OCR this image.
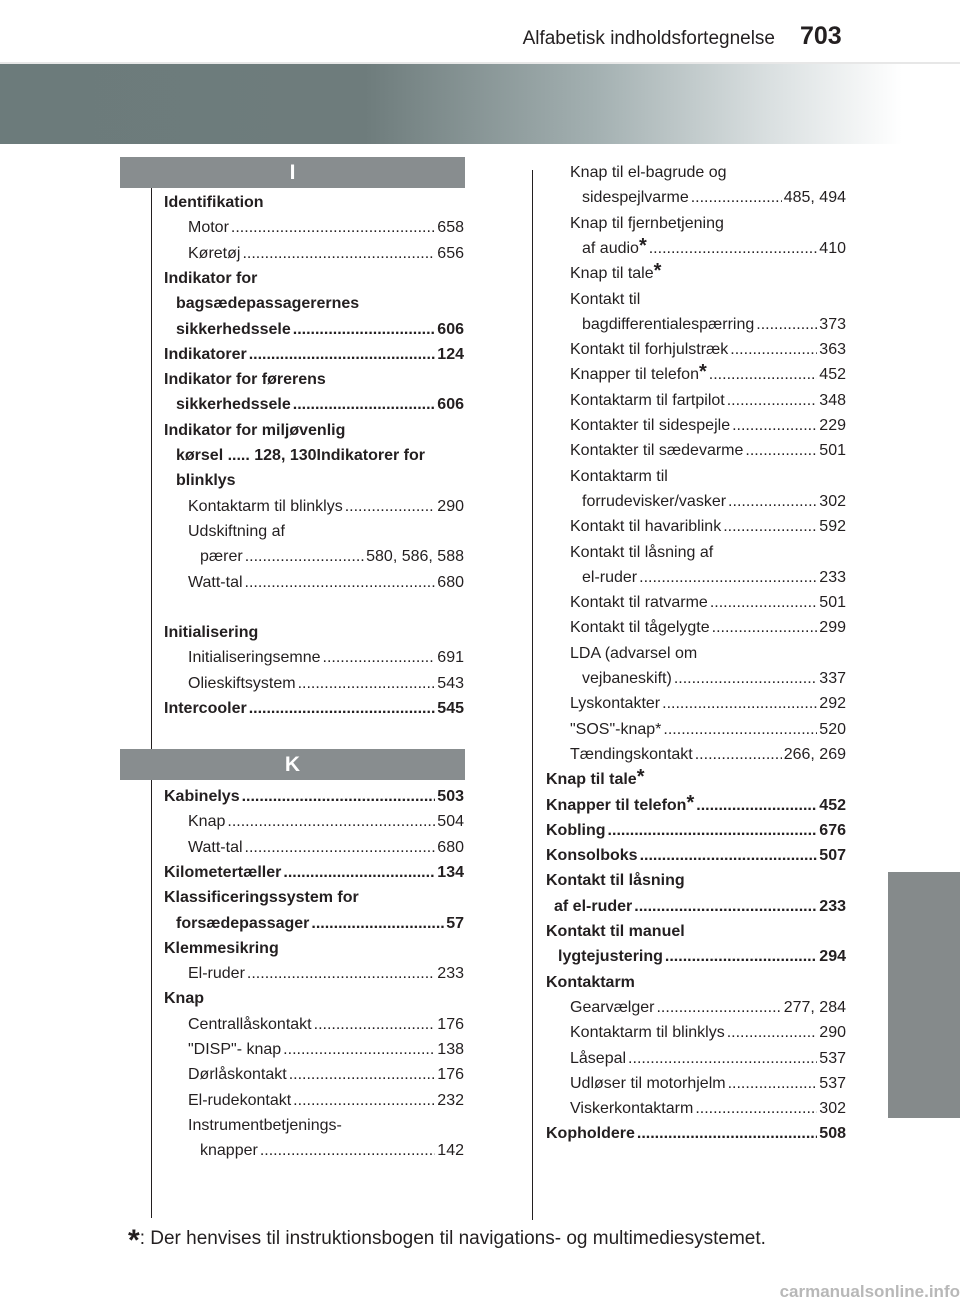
Alfabetisk indholdsfortegnelse 703
I
K
Identifikation
Motor .....	658
Køretøj .....	656
Indikator for
bagsædepassagerernes
sikkerhedssele .....	606
Indikatorer .....	124
Indikator for førerens
sikkerhedssele .....	606
Indikator for miljøvenlig
kørsel ..... 128, 130Indikatorer for
blinklys
Kontaktarm til blinklys .....	290
Udskiftning af
pærer .....	580, 586, 588
Watt-tal .....	680
Initialisering
Initialiseringsemne .....	691
Olieskiftsystem .....	543
Intercooler .....	545
Kabinelys .....	503
Knap .....	504
Watt-tal .....	680
Kilometertæller .....	134
Klassificeringssystem for
forsædepassager .....	57
Klemmesikring
El-ruder .....	233
Knap
Centrallåskontakt .....	176
"DISP"- knap .....	138
Dørlåskontakt .....	176
El-rudekontakt .....	232
Instrumentbetjenings-
knapper .....	142
Knap til el-bagrude og
sidespejlvarme .....	485, 494
Knap til fjernbetjening
af audio* .....	410
Knap til tale*
Kontakt til
bagdifferentialespærring .....	373
Kontakt til forhjulstræk .....	363
Knapper til telefon* .....	452
Kontaktarm til fartpilot .....	348
Kontakter til sidespejle .....	229
Kontakter til sædevarme .....	501
Kontaktarm til
forrudevisker/vasker .....	302
Kontakt til havariblink .....	592
Kontakt til låsning af
el-ruder .....	233
Kontakt til ratvarme .....	501
Kontakt til tågelygte .....	299
LDA (advarsel om
vejbaneskift) .....	337
Lyskontakter .....	292
"SOS"-knap* .....	520
Tændingskontakt .....	266, 269
Knap til tale*
Knapper til telefon* .....	452
Kobling .....	676
Konsolboks .....	507
Kontakt til låsning
af el-ruder .....	233
Kontakt til manuel
lygtejustering .....	294
Kontaktarm
Gearvælger .....	277, 284
Kontaktarm til blinklys .....	290
Låsepal .....	537
Udløser til motorhjelm .....	537
Viskerkontaktarm .....	302
Kopholdere .....	508
*: Der henvises til instruktionsbogen til navigations- og multimediesystemet.
carmanualsonline.info
